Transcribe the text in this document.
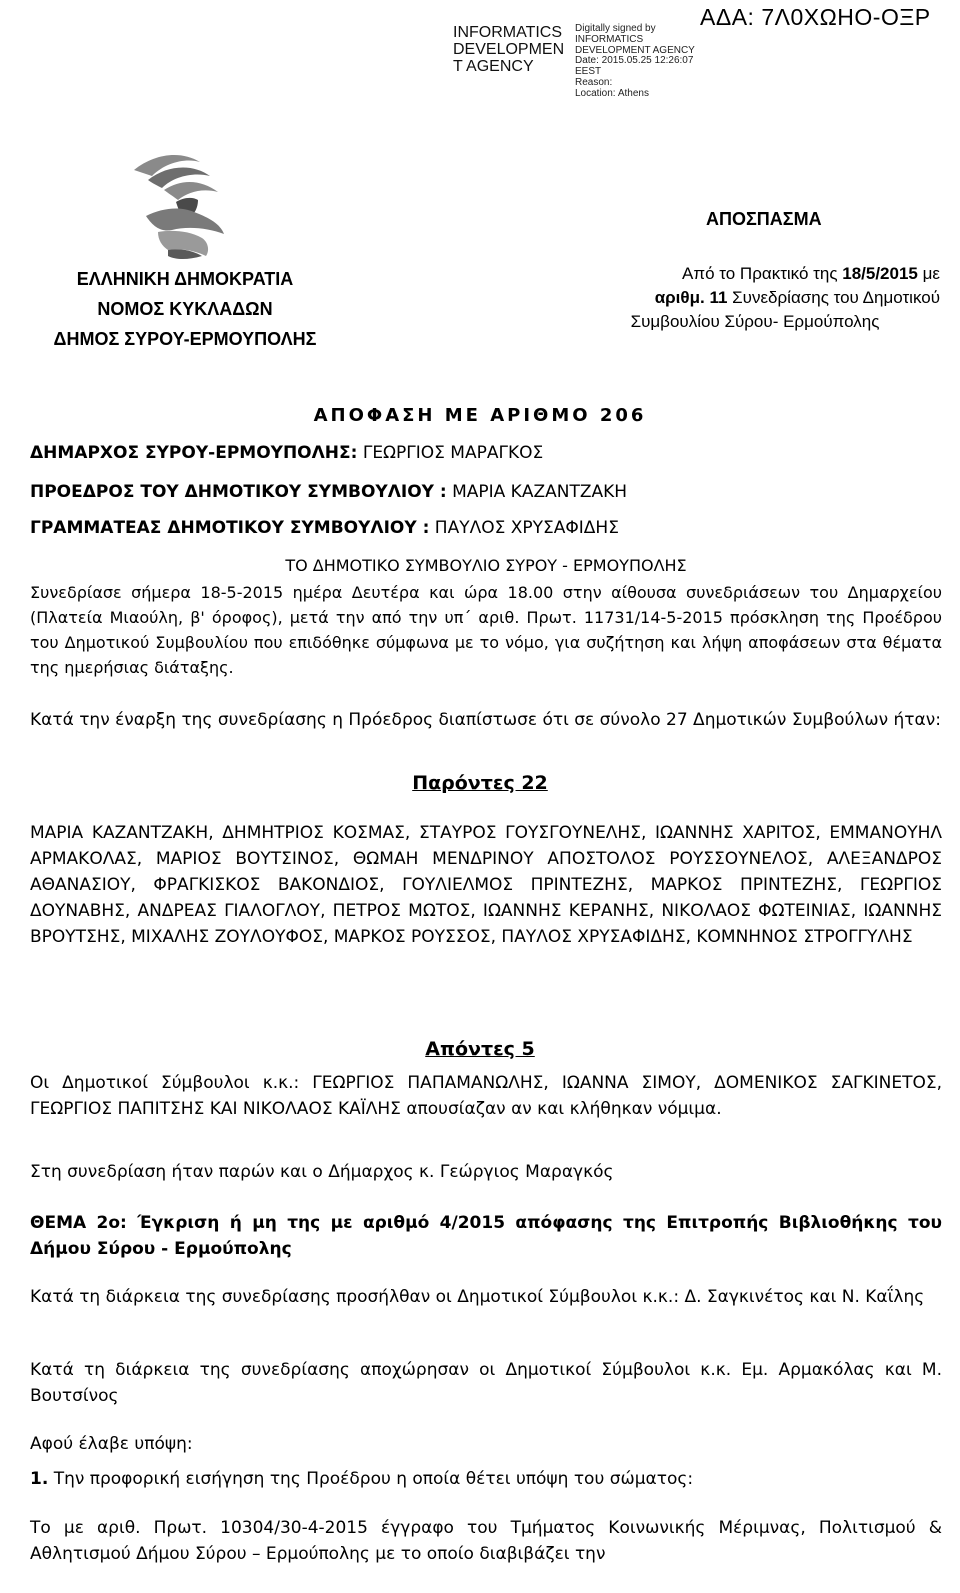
INFORMATICS
DEVELOPMEN
T AGENCY
Digitally signed by
INFORMATICS
DEVELOPMENT AGENCY
Date: 2015.05.25 12:26:07
EEST
Reason:
Location: Athens
ΑΔΑ: 7Λ0ΧΩΗΟ-ΟΞΡ
ΑΠΟΣΠΑΣΜΑ
ΕΛΛΗΝΙΚΗ ΔΗΜΟΚΡΑΤΙΑ
ΝΟΜΟΣ ΚΥΚΛΑΔΩΝ
ΔΗΜΟΣ ΣΥΡΟΥ-ΕΡΜΟΥΠΟΛΗΣ
Από το Πρακτικό της 18/5/2015 με
αριθμ. 11 Συνεδρίασης του Δημοτικού
Συμβουλίου Σύρου- Ερμούπολης
ΑΠΟΦΑΣΗ ΜΕ ΑΡΙΘΜΟ 206
ΔΗΜΑΡΧΟΣ ΣΥΡΟΥ-ΕΡΜΟΥΠΟΛΗΣ: ΓΕΩΡΓΙΟΣ ΜΑΡΑΓΚΟΣ
ΠΡΟΕΔΡΟΣ ΤΟΥ ΔΗΜΟΤΙΚΟΥ ΣΥΜΒΟΥΛΙΟΥ : ΜΑΡΙΑ ΚΑΖΑΝΤΖΑΚΗ
ΓΡΑΜΜΑΤΕΑΣ ΔΗΜΟΤΙΚΟΥ ΣΥΜΒΟΥΛΙΟΥ : ΠΑΥΛΟΣ ΧΡΥΣΑΦΙΔΗΣ
ΤΟ ΔΗΜΟΤΙΚΟ ΣΥΜΒΟΥΛΙΟ ΣΥΡΟΥ - ΕΡΜΟΥΠΟΛΗΣ
Συνεδρίασε σήμερα 18-5-2015 ημέρα Δευτέρα και ώρα 18.00 στην αίθουσα συνεδριάσεων του Δημαρχείου (Πλατεία Μιαούλη, β' όροφος), μετά την από την υπ΄ αριθ. Πρωτ. 11731/14-5-2015 πρόσκληση της Προέδρου του Δημοτικού Συμβουλίου που επιδόθηκε σύμφωνα με το νόμο, για συζήτηση και λήψη αποφάσεων στα θέματα της ημερήσιας διάταξης.
Κατά την έναρξη της συνεδρίασης η Πρόεδρος διαπίστωσε ότι σε σύνολο 27 Δημοτικών Συμβούλων ήταν:
Παρόντες 22
ΜΑΡΙΑ ΚΑΖΑΝΤΖΑΚΗ, ΔΗΜΗΤΡΙΟΣ ΚΟΣΜΑΣ, ΣΤΑΥΡΟΣ ΓΟΥΣΓΟΥΝΕΛΗΣ, ΙΩΑΝΝΗΣ ΧΑΡΙΤΟΣ, ΕΜΜΑΝΟΥΗΛ ΑΡΜΑΚΟΛΑΣ, ΜΑΡΙΟΣ ΒΟΥΤΣΙΝΟΣ, ΘΩΜΑΗ ΜΕΝΔΡΙΝΟΥ ΑΠΟΣΤΟΛΟΣ ΡΟΥΣΣΟΥΝΕΛΟΣ, ΑΛΕΞΑΝΔΡΟΣ ΑΘΑΝΑΣΙΟΥ, ΦΡΑΓΚΙΣΚΟΣ ΒΑΚΟΝΔΙΟΣ, ΓΟΥΛΙΕΛΜΟΣ ΠΡΙΝΤΕΖΗΣ, ΜΑΡΚΟΣ ΠΡΙΝΤΕΖΗΣ, ΓΕΩΡΓΙΟΣ ΔΟΥΝΑΒΗΣ, ΑΝΔΡΕΑΣ ΓΙΑΛΟΓΛΟΥ, ΠΕΤΡΟΣ ΜΩΤΟΣ, ΙΩΑΝΝΗΣ ΚΕΡΑΝΗΣ, ΝΙΚΟΛΑΟΣ ΦΩΤΕΙΝΙΑΣ, ΙΩΑΝΝΗΣ ΒΡΟΥΤΣΗΣ, ΜΙΧΑΛΗΣ ΖΟΥΛΟΥΦΟΣ, ΜΑΡΚΟΣ ΡΟΥΣΣΟΣ, ΠΑΥΛΟΣ ΧΡΥΣΑΦΙΔΗΣ, ΚΟΜΝΗΝΟΣ ΣΤΡΟΓΓΥΛΗΣ
Απόντες 5
Οι Δημοτικοί Σύμβουλοι κ.κ.: ΓΕΩΡΓΙΟΣ ΠΑΠΑΜΑΝΩΛΗΣ, ΙΩΑΝΝΑ ΣΙΜΟΥ, ΔΟΜΕΝΙΚΟΣ ΣΑΓΚΙΝΕΤΟΣ, ΓΕΩΡΓΙΟΣ ΠΑΠΙΤΣΗΣ ΚΑΙ ΝΙΚΟΛΑΟΣ ΚΑΪΛΗΣ απουσίαζαν αν και κλήθηκαν νόμιμα.
Στη συνεδρίαση ήταν παρών και ο Δήμαρχος κ. Γεώργιος Μαραγκός
ΘΕΜΑ 2ο: Έγκριση ή μη της με αριθμό 4/2015 απόφασης της Επιτροπής Βιβλιοθήκης του Δήμου Σύρου - Ερμούπολης
Κατά τη διάρκεια της συνεδρίασης προσήλθαν οι Δημοτικοί Σύμβουλοι κ.κ.: Δ. Σαγκινέτος και Ν. Καΐλης
Κατά τη διάρκεια της συνεδρίασης αποχώρησαν οι Δημοτικοί Σύμβουλοι κ.κ. Εμ. Αρμακόλας και Μ. Βουτσίνος
Αφού έλαβε υπόψη:
1. Την προφορική εισήγηση της Προέδρου η οποία θέτει υπόψη του σώματος:
Το με αριθ. Πρωτ. 10304/30-4-2015 έγγραφο του Τμήματος Κοινωνικής Μέριμνας, Πολιτισμού & Αθλητισμού Δήμου Σύρου – Ερμούπολης με το οποίο διαβιβάζει την
